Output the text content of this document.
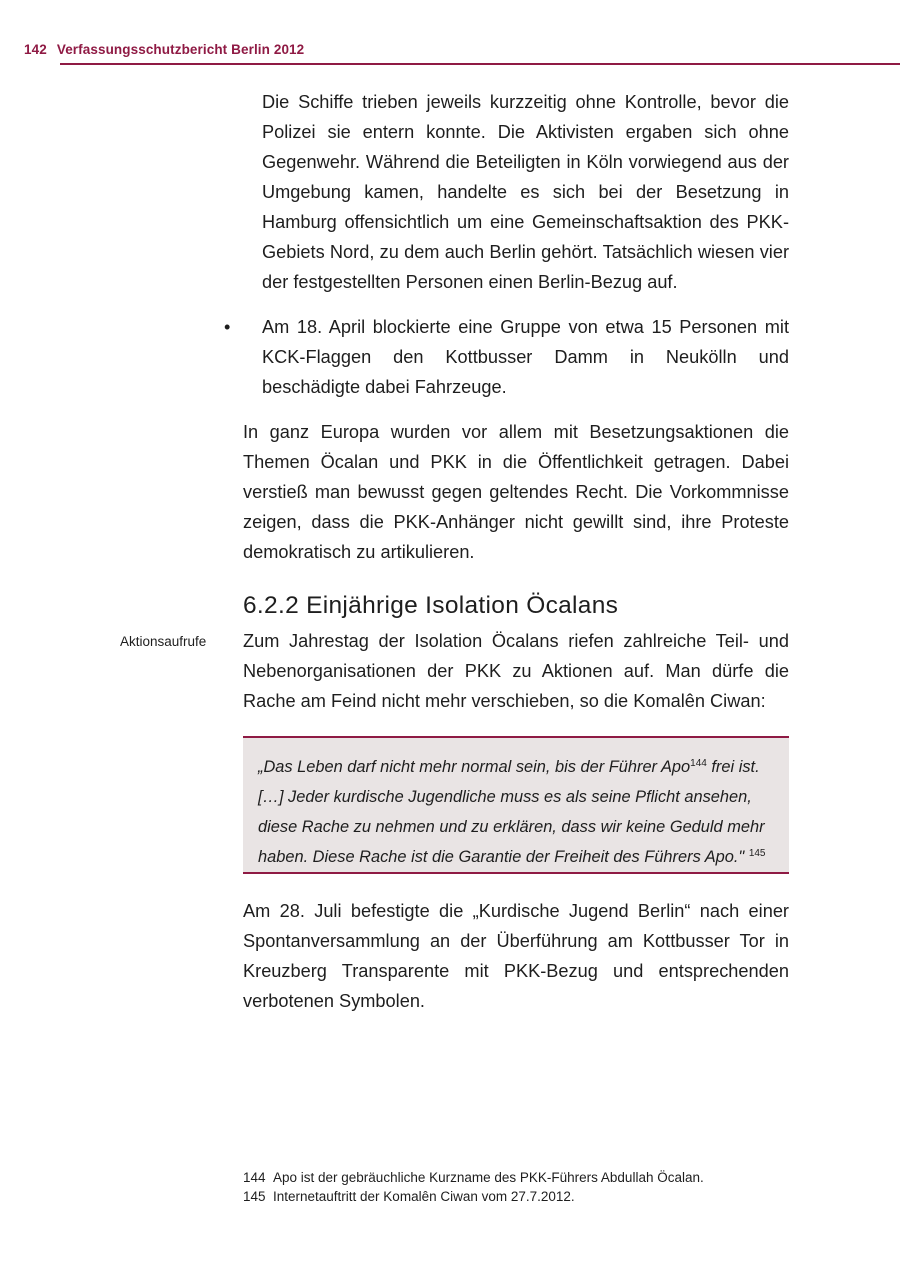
142 Verfassungsschutzbericht Berlin 2012

Die Schiffe trieben jeweils kurzzeitig ohne Kontrolle, bevor die Polizei sie entern konnte. Die Aktivisten ergaben sich ohne Gegenwehr. Während die Beteiligten in Köln vorwiegend aus der Umgebung kamen, handelte es sich bei der Besetzung in Hamburg offensichtlich um eine Gemeinschaftsaktion des PKK-Gebiets Nord, zu dem auch Berlin gehört. Tatsächlich wiesen vier der festgestellten Personen einen Berlin-Bezug auf.

• Am 18. April blockierte eine Gruppe von etwa 15 Personen mit KCK-Flaggen den Kottbusser Damm in Neukölln und beschädigte dabei Fahrzeuge.

In ganz Europa wurden vor allem mit Besetzungsaktionen die Themen Öcalan und PKK in die Öffentlichkeit getragen. Dabei verstieß man bewusst gegen geltendes Recht. Die Vorkommnisse zeigen, dass die PKK-Anhänger nicht gewillt sind, ihre Proteste demokratisch zu artikulieren.

6.2.2 Einjährige Isolation Öcalans
Aktionsaufrufe Zum Jahrestag der Isolation Öcalans riefen zahlreiche Teil- und Nebenorganisationen der PKK zu Aktionen auf. Man dürfe die Rache am Feind nicht mehr verschieben, so die Komalên Ciwan:

„Das Leben darf nicht mehr normal sein, bis der Führer Apo$^{144}$ frei ist. […] Jeder kurdische Jugendliche muss es als seine Pflicht ansehen, diese Rache zu nehmen und zu erklären, dass wir keine Geduld mehr haben. Diese Rache ist die Garantie der Freiheit des Führers Apo." $^{145}$

Am 28. Juli befestigte die „Kurdische Jugend Berlin“ nach einer Spontanversammlung an der Überführung am Kottbusser Tor in Kreuzberg Transparente mit PKK-Bezug und entsprechenden verbotenen Symbolen.

144 Apo ist der gebräuchliche Kurzname des PKK-Führers Abdullah Öcalan.
145 Internetauftritt der Komalên Ciwan vom 27.7.2012.
